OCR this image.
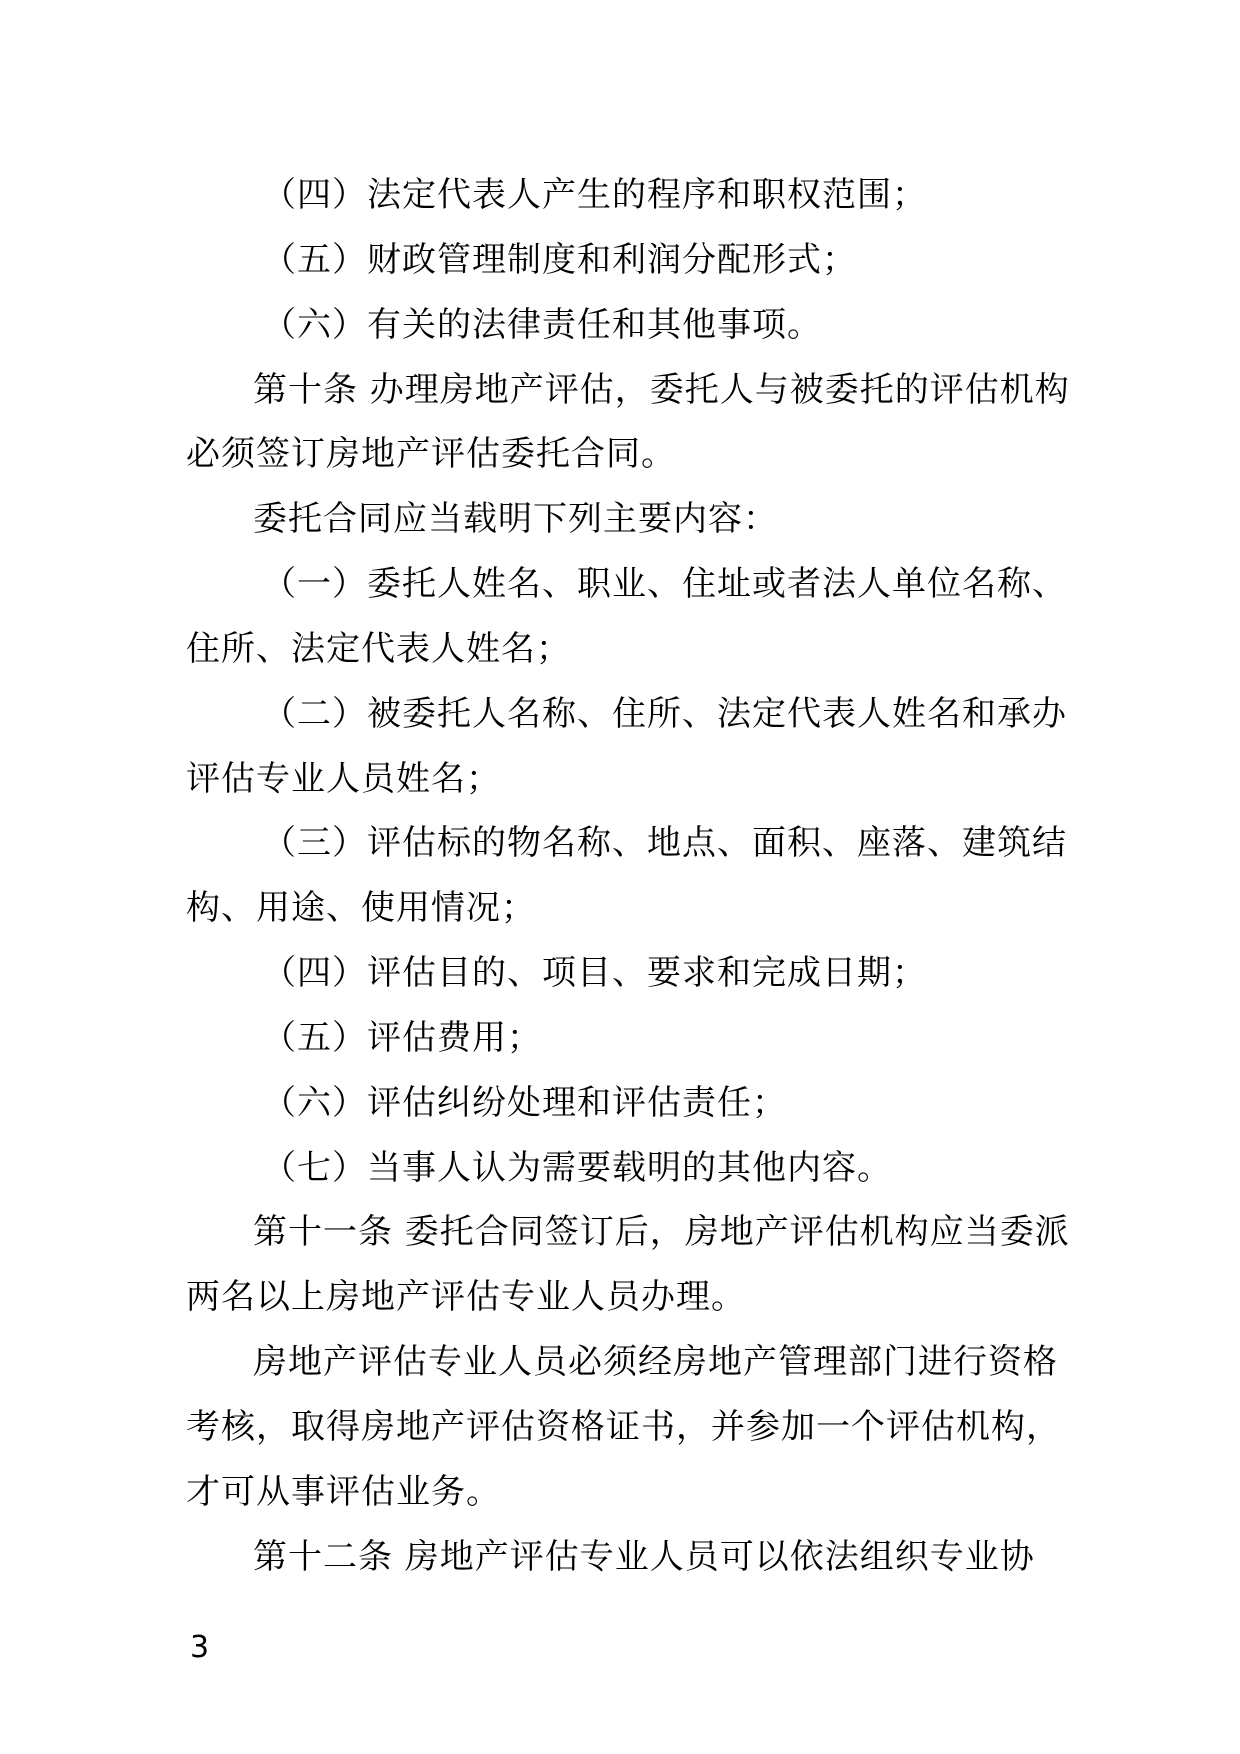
（四）法定代表人产生的程序和职权范围；
（五）财政管理制度和利润分配形式；
（六）有关的法律责任和其他事项。
第十条 办理房地产评估，委托人与被委托的评估机构
必须签订房地产评估委托合同。
委托合同应当载明下列主要内容：
（一）委托人姓名、职业、住址或者法人单位名称、
住所、法定代表人姓名；
（二）被委托人名称、住所、法定代表人姓名和承办
评估专业人员姓名；
（三）评估标的物名称、地点、面积、座落、建筑结
构、用途、使用情况；
（四）评估目的、项目、要求和完成日期；
（五）评估费用；
（六）评估纠纷处理和评估责任；
（七）当事人认为需要载明的其他内容。
第十一条 委托合同签订后，房地产评估机构应当委派
两名以上房地产评估专业人员办理。
房地产评估专业人员必须经房地产管理部门进行资格
考核，取得房地产评估资格证书，并参加一个评估机构，
才可从事评估业务。
第十二条 房地产评估专业人员可以依法组织专业协
3
